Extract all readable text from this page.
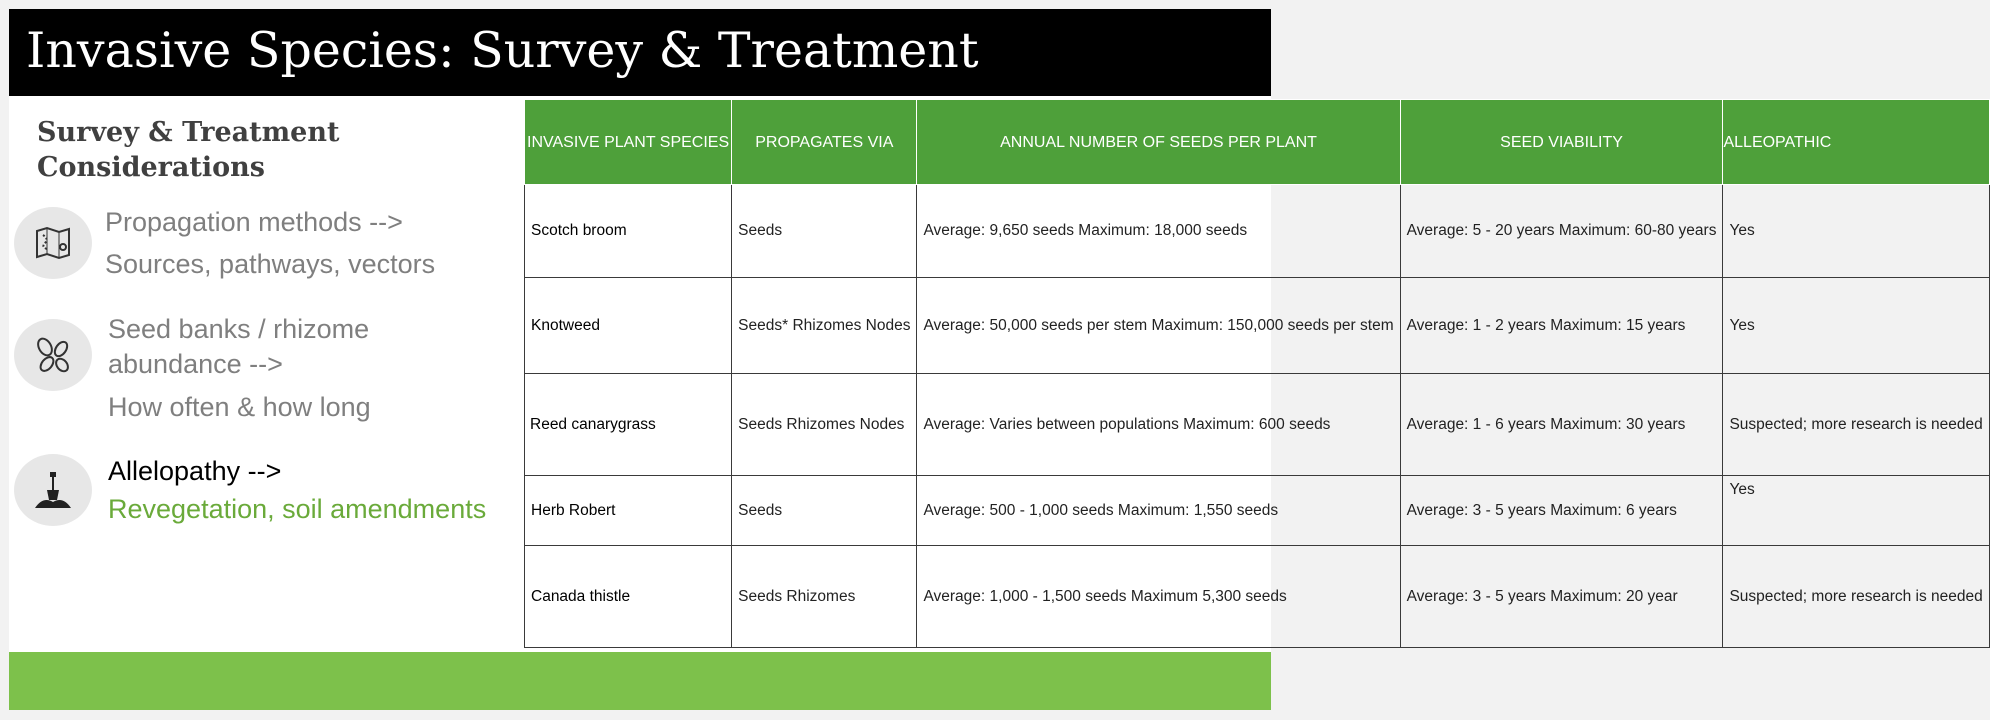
Invasive Species: Survey & Treatment
Survey & Treatment
Considerations
Propagation methods -->
Sources, pathways, vectors
Seed banks / rhizome
abundance -->
How often & how long
Allelopathy -->
Revegetation, soil amendments
INVASIVE PLANT SPECIES	PROPAGATES VIA	ANNUAL NUMBER OF SEEDS PER PLANT	SEED VIABILITY	ALLEOPATHIC
Scotch broom	Seeds	Average: 9,650 seeds Maximum: 18,000 seeds	Average: 5 - 20 years Maximum: 60-80 years	Yes
Knotweed	Seeds* Rhizomes Nodes	Average: 50,000 seeds per stem Maximum: 150,000 seeds per stem	Average: 1 - 2 years Maximum: 15 years	Yes
Reed canarygrass	Seeds Rhizomes Nodes	Average: Varies between populations Maximum: 600 seeds	Average: 1 - 6 years Maximum: 30 years	Suspected; more research is needed
Herb Robert	Seeds	Average: 500 - 1,000 seeds Maximum: 1,550 seeds	Average: 3 - 5 years Maximum: 6 years	Yes
Canada thistle	Seeds Rhizomes	Average: 1,000 - 1,500 seeds Maximum 5,300 seeds	Average: 3 - 5 years Maximum: 20 year	Suspected; more research is needed
